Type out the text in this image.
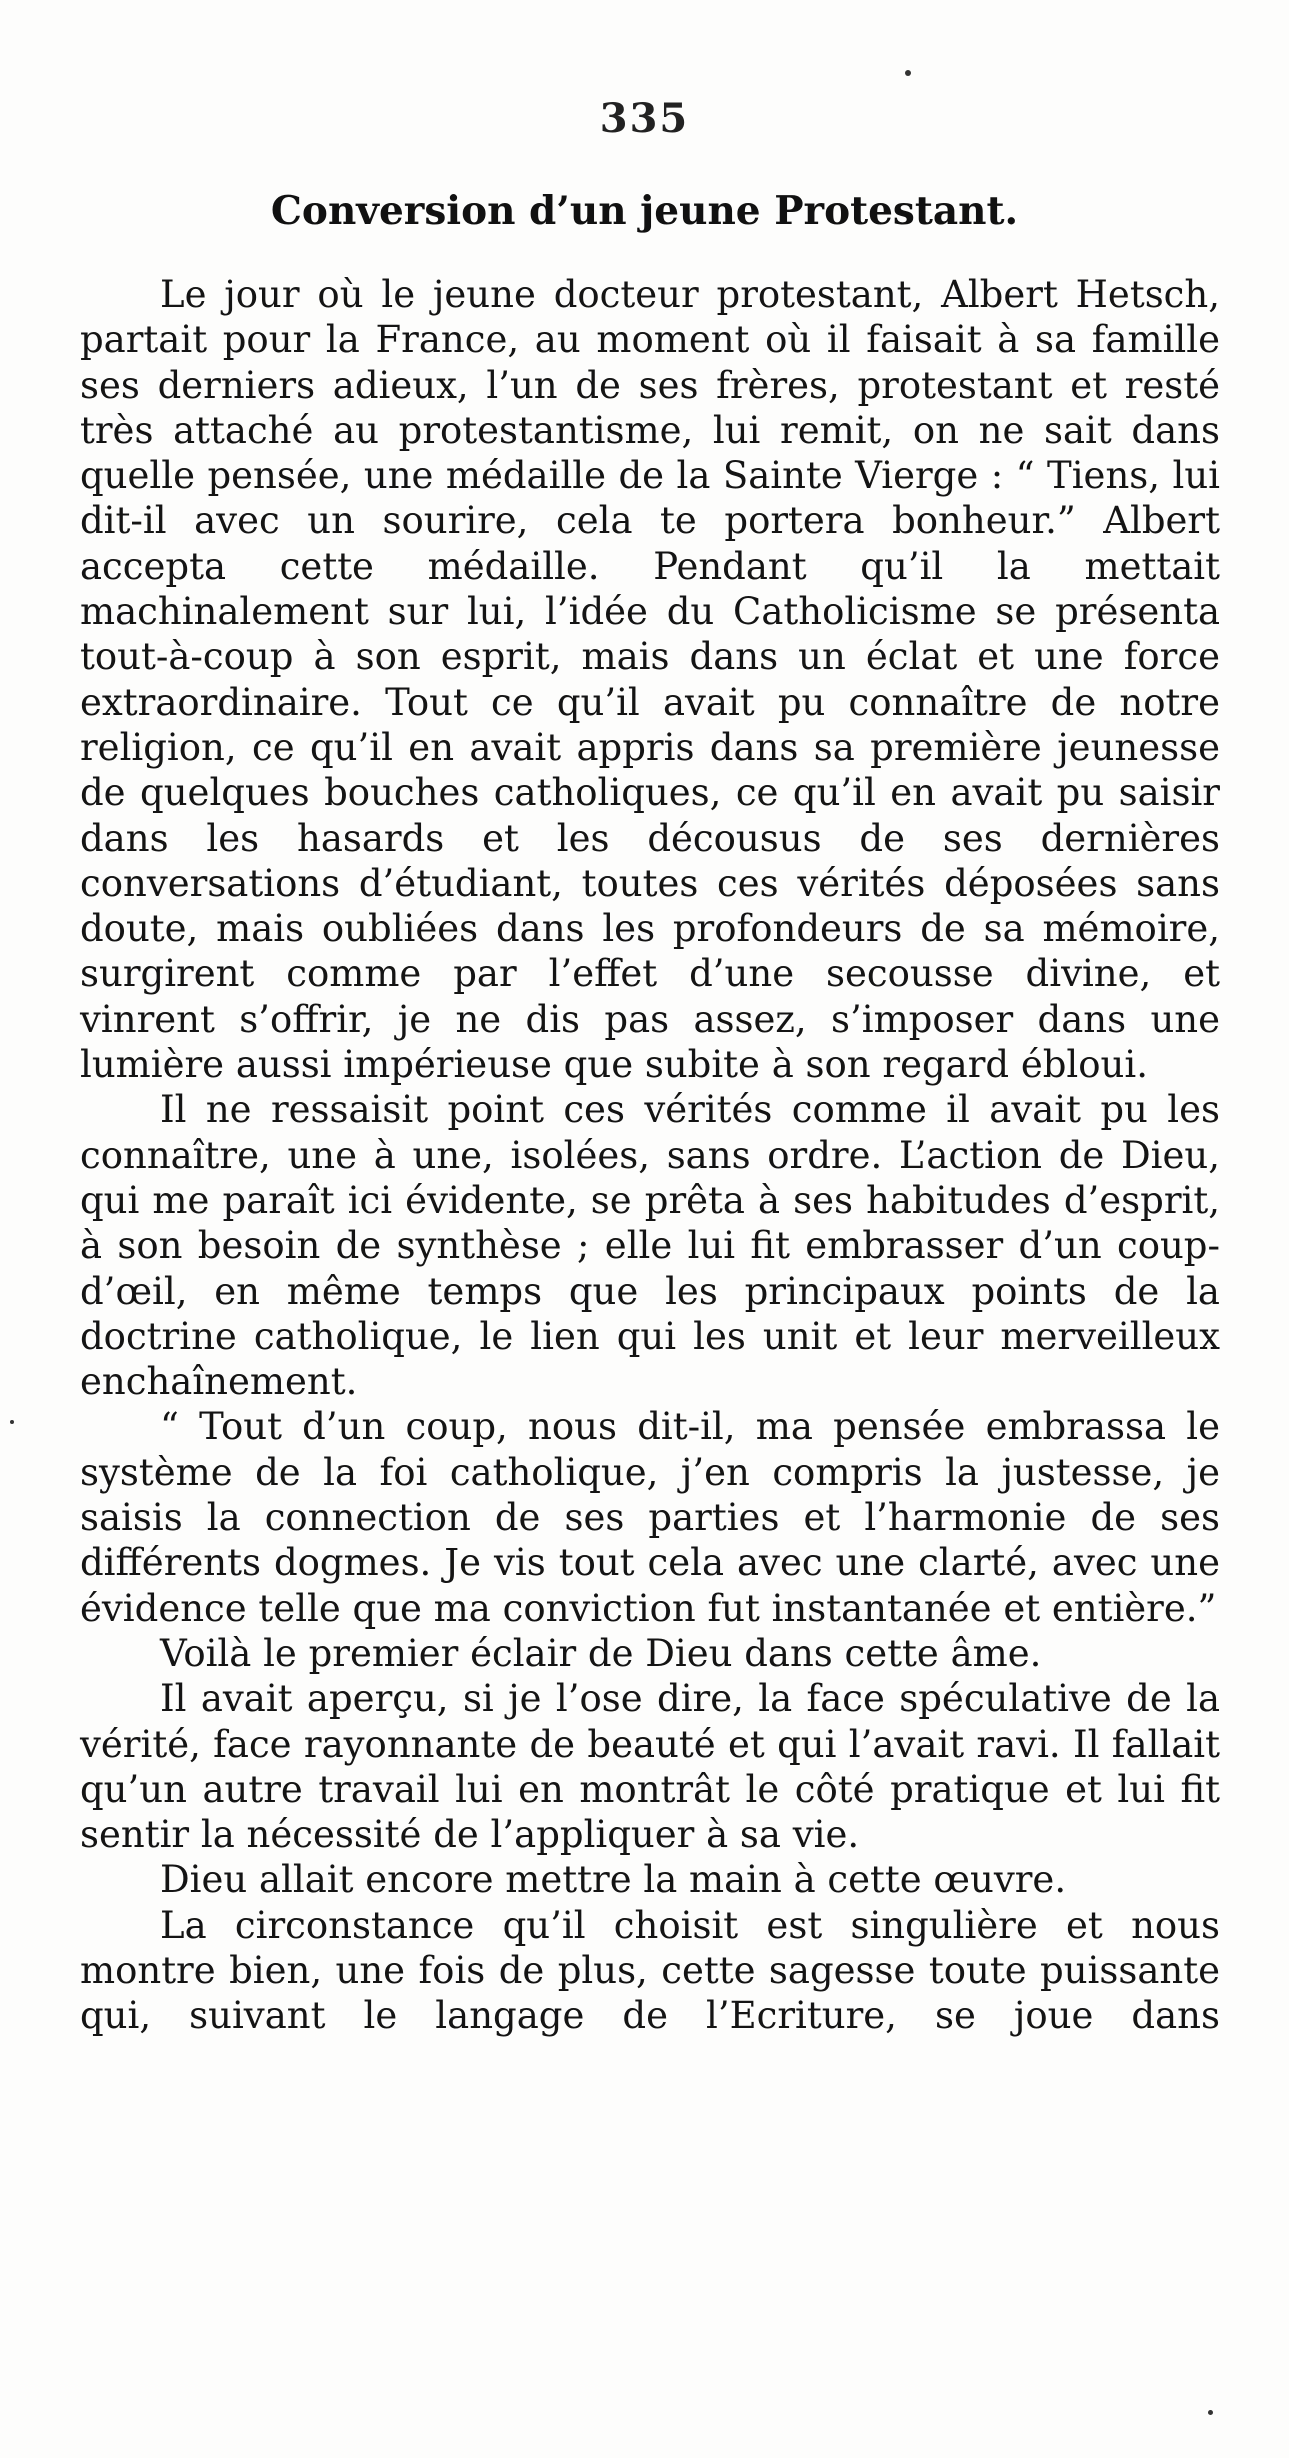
335
Conversion d’un jeune Protestant.

Le jour où le jeune docteur protestant, Albert Hetsch, partait pour la France, au moment où il faisait à sa famille ses derniers adieux, l’un de ses frères, protestant et resté très attaché au protestantisme, lui remit, on ne sait dans quelle pensée, une médaille de la Sainte Vierge : “ Tiens, lui dit-il avec un sourire, cela te portera bonheur.” Albert accepta cette médaille. Pendant qu’il la mettait machinalement sur lui, l’idée du Catholicisme se présenta tout-à-coup à son esprit, mais dans un éclat et une force extraordinaire. Tout ce qu’il avait pu connaître de notre religion, ce qu’il en avait appris dans sa première jeunesse de quelques bouches catholiques, ce qu’il en avait pu saisir dans les hasards et les décousus de ses dernières conversations d’étudiant, toutes ces vérités déposées sans doute, mais oubliées dans les profondeurs de sa mémoire, surgirent comme par l’effet d’une secousse divine, et vinrent s’offrir, je ne dis pas assez, s’imposer dans une lumière aussi impérieuse que subite à son regard ébloui.

Il ne ressaisit point ces vérités comme il avait pu les connaître, une à une, isolées, sans ordre. L’action de Dieu, qui me paraît ici évidente, se prêta à ses habitudes d’esprit, à son besoin de synthèse ; elle lui fit embrasser d’un coup-d’œil, en même temps que les principaux points de la doctrine catholique, le lien qui les unit et leur merveilleux enchaînement.

“ Tout d’un coup, nous dit-il, ma pensée embrassa le système de la foi catholique, j’en compris la justesse, je saisis la connection de ses parties et l’harmonie de ses différents dogmes. Je vis tout cela avec une clarté, avec une évidence telle que ma conviction fut instantanée et entière.”

Voilà le premier éclair de Dieu dans cette âme.

Il avait aperçu, si je l’ose dire, la face spéculative de la vérité, face rayonnante de beauté et qui l’avait ravi. Il fallait qu’un autre travail lui en montrât le côté pratique et lui fit sentir la nécessité de l’appliquer à sa vie.

Dieu allait encore mettre la main à cette œuvre.

La circonstance qu’il choisit est singulière et nous montre bien, une fois de plus, cette sagesse toute puissante qui, suivant le langage de l’Ecriture, se joue dans
